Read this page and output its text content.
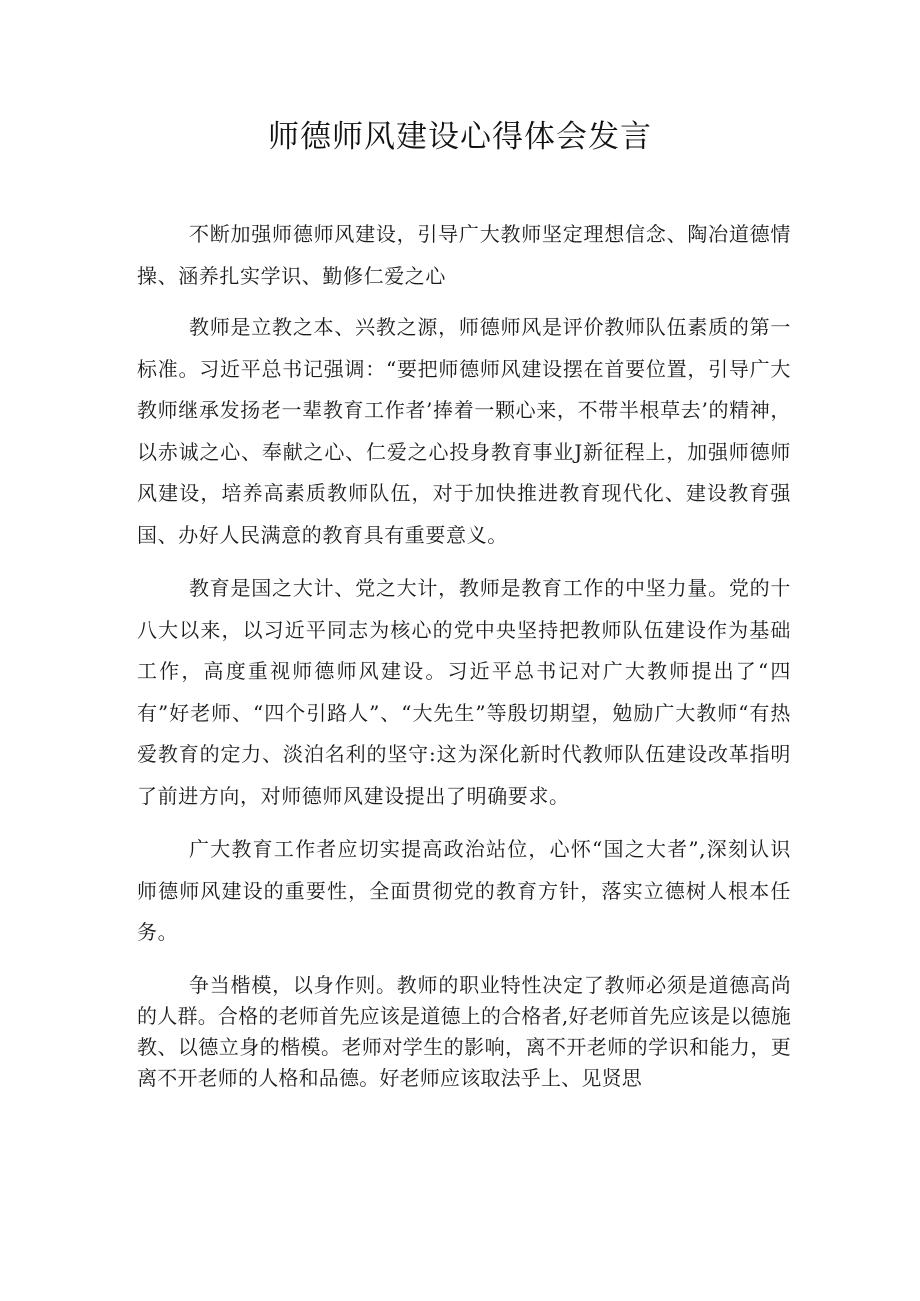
师德师风建设心得体会发言

不断加强师德师风建设，引导广大教师坚定理想信念、陶冶道德情操、涵养扎实学识、勤修仁爱之心

教师是立教之本、兴教之源，师德师风是评价教师队伍素质的第一标准。习近平总书记强调：“要把师德师风建设摆在首要位置，引导广大教师继承发扬老一辈教育工作者’捧着一颗心来，不带半根草去’的精神，以赤诚之心、奉献之心、仁爱之心投身教育事业J新征程上，加强师德师风建设，培养高素质教师队伍，对于加快推进教育现代化、建设教育强国、办好人民满意的教育具有重要意义。

教育是国之大计、党之大计，教师是教育工作的中坚力量。党的十八大以来，以习近平同志为核心的党中央坚持把教师队伍建设作为基础工作，高度重视师德师风建设。习近平总书记对广大教师提出了“四有”好老师、“四个引路人”、“大先生”等殷切期望，勉励广大教师“有热爱教育的定力、淡泊名利的坚守:这为深化新时代教师队伍建设改革指明了前进方向，对师德师风建设提出了明确要求。

广大教育工作者应切实提高政治站位，心怀“国之大者”,深刻认识师德师风建设的重要性，全面贯彻党的教育方针，落实立德树人根本任务。

争当楷模，以身作则。教师的职业特性决定了教师必须是道德高尚的人群。合格的老师首先应该是道德上的合格者,好老师首先应该是以德施教、以德立身的楷模。老师对学生的影响，离不开老师的学识和能力，更离不开老师的人格和品德。好老师应该取法乎上、见贤思
